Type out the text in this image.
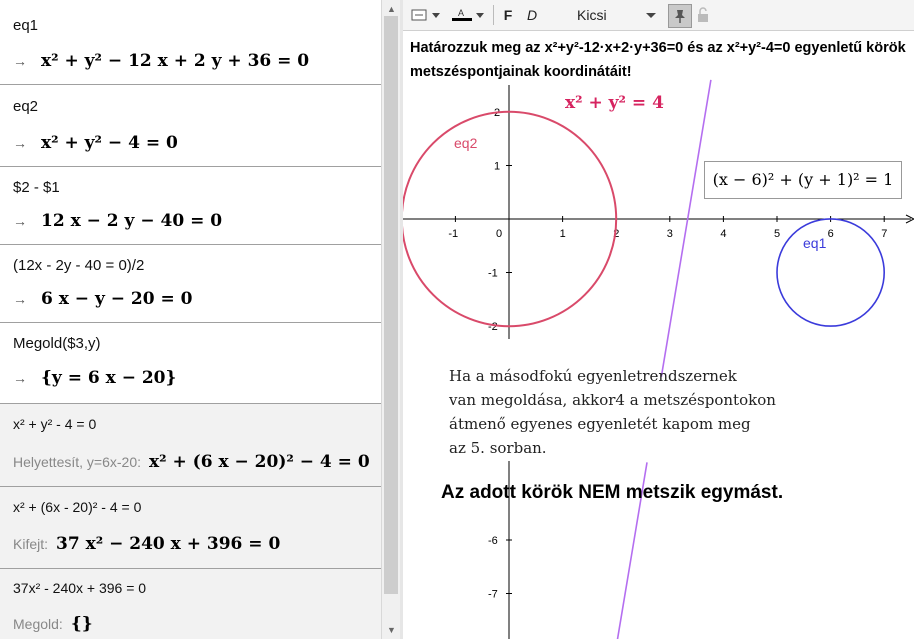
eq1
→ x² + y² − 12 x + 2 y + 36 = 0
eq2
→ x² + y² − 4 = 0
$2 - $1
→ 12 x − 2 y − 40 = 0
(12x - 2y - 40 = 0)/2
→ 6 x − y − 20 = 0
Megold($3,y)
→ {y = 6 x − 20}
x² + y² - 4 = 0
Helyettesít, y=6x-20: x² + (6 x − 20)² − 4 = 0
x² + (6x - 20)² - 4 = 0
Kifejt: 37 x² − 240 x + 396 = 0
37x² - 240x + 396 = 0
Megold: {}
▲
▼
A	F	D	Kicsi
-1	0	1	2	3	4	5	6	7
2
1
-1
-2
-6
-7
Határozzuk meg az x²+y²-12·x+2·y+36=0 és az x²+y²-4=0 egyenletű körök metszéspontjainak koordinátáit!
x² + y² = 4
(x − 6)² + (y + 1)² = 1
eq2
eq1
Ha a másodfokú egyenletrendszernek
van megoldása, akkor4 a metszéspontokon
átmenő egyenes egyenletét kapom meg
az 5. sorban.
Az adott körök NEM metszik egymást.
